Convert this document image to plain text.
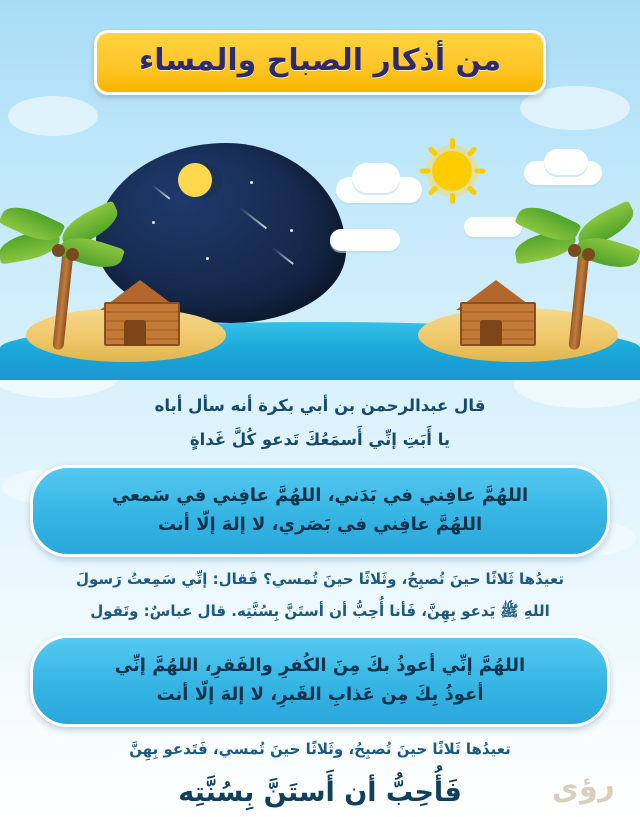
من أذكار الصباح والمساء
قال عبدالرحمن بن أبي بكرة أنه سأل أباه
يا أَبَتِ إنِّي أَسمَعُكَ تَدعو كُلَّ غَداةٍ
اللهُمَّ عافِني في بَدَني، اللهُمَّ عافِني في سَمعي
اللهُمَّ عافِني في بَصَري، لا إلهَ إلّا أنت
تعيدُها ثَلاثًا حينَ تُصبِحُ، وثَلاثًا حينَ تُمسي؟ فَقال: إنِّي سَمِعتُ رَسولَ
اللهِ ﷺ يَدعو بِهِنَّ، فَأنا أُحِبُّ أن أستَنَّ بِسُنَّتِه. قال عباسٌ: وتَقول
اللهُمَّ إنِّي أعوذُ بكَ مِنَ الكُفرِ والفَقرِ، اللهُمَّ إنِّي
أعوذُ بِكَ مِن عَذابِ القَبرِ، لا إلهَ إلّا أنت
تعيدُها ثَلاثًا حينَ تُصبِحُ، وثَلاثًا حينَ تُمسي، فَتَدعو بِهِنَّ
فَأُحِبُّ أن أَستَنَّ بِسُنَّتِه	رؤى
